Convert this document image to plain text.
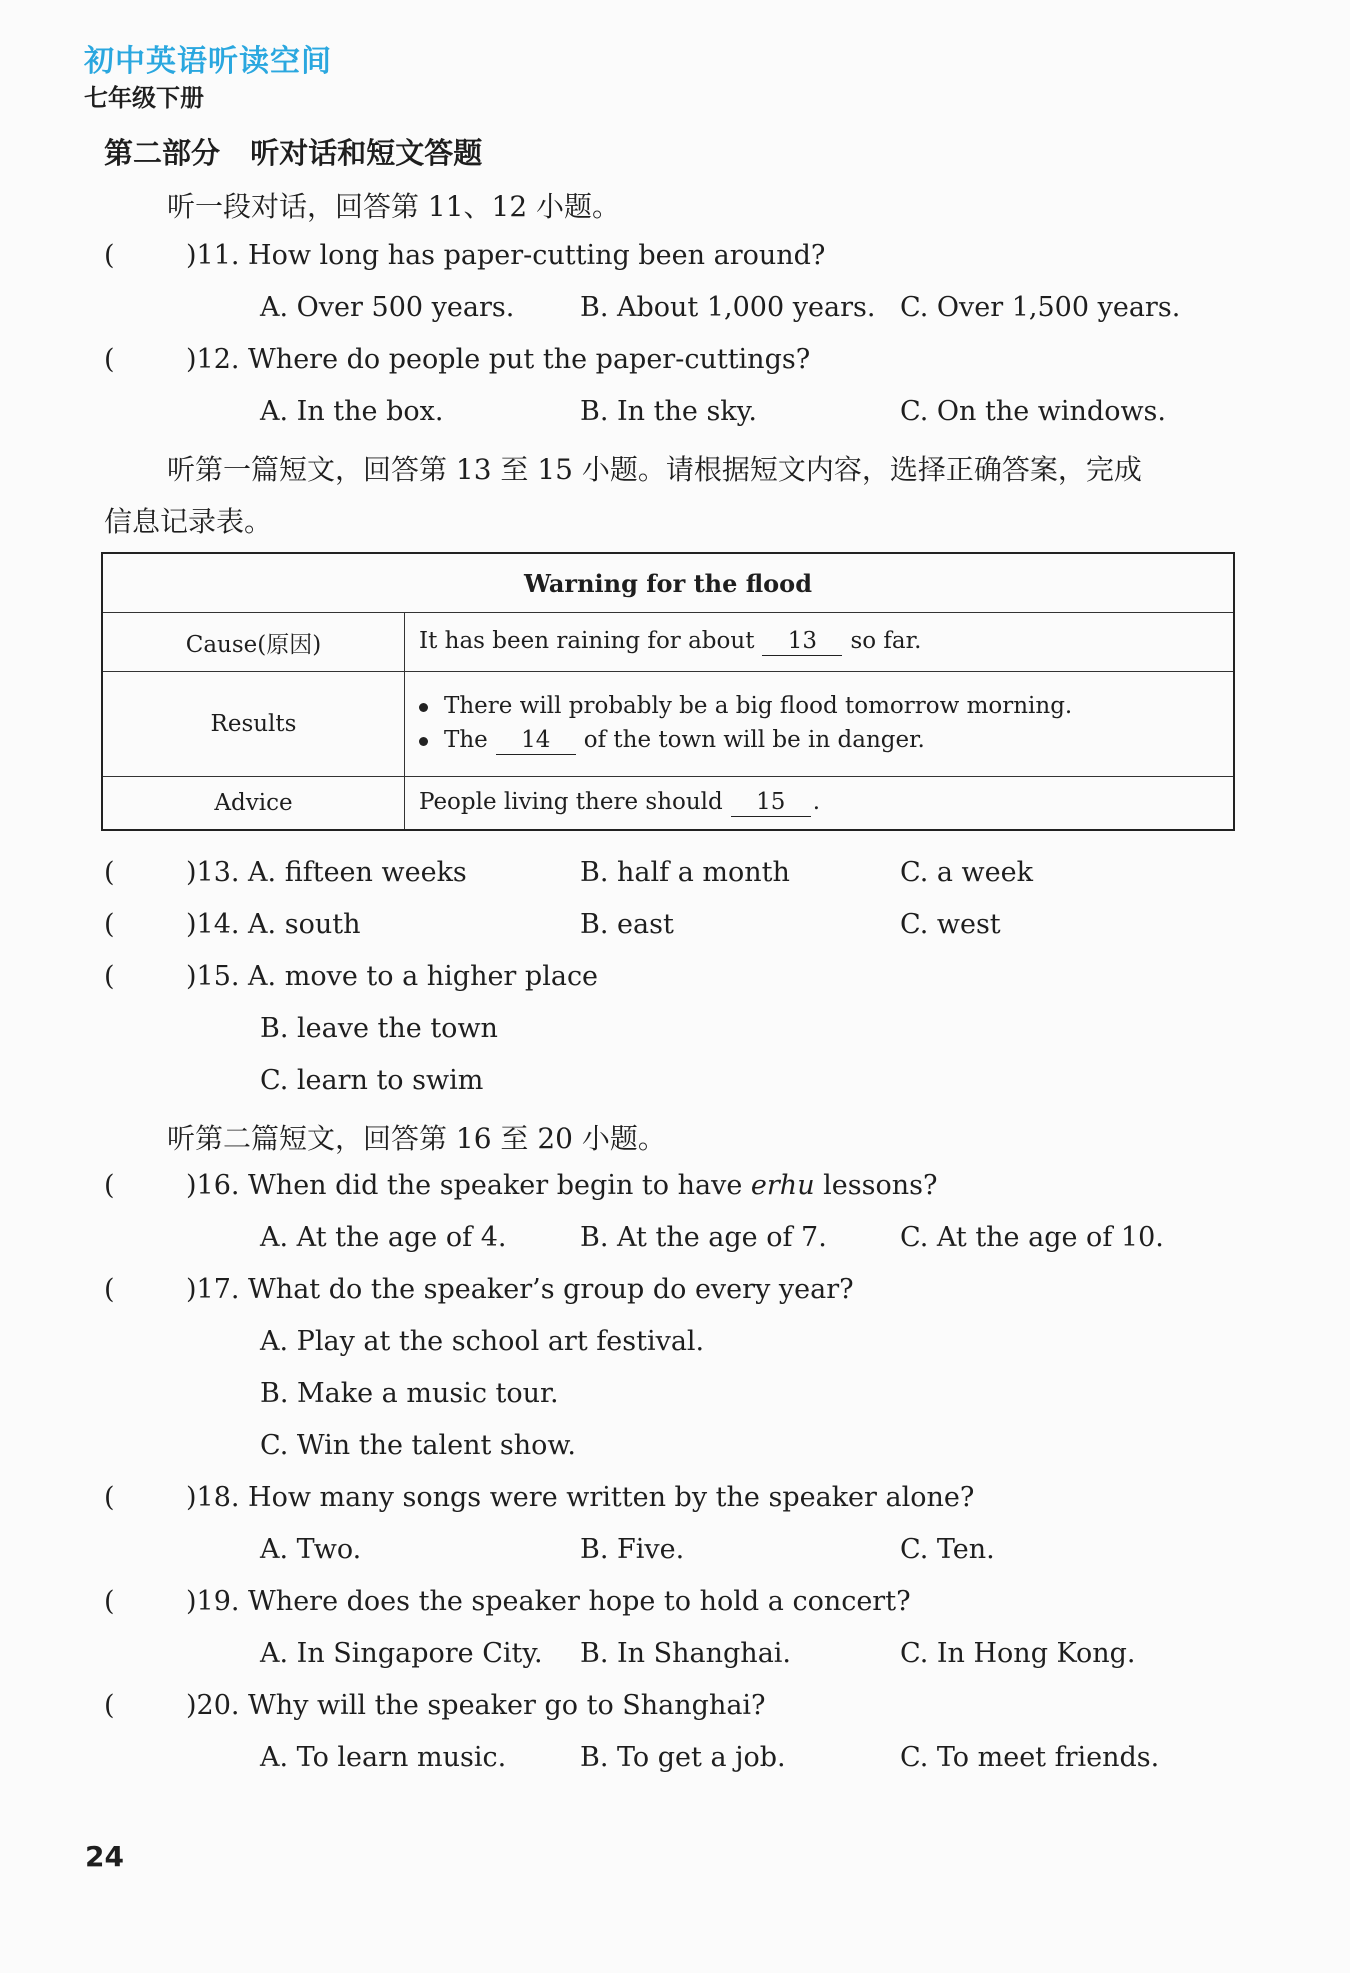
初中英语听读空间
七年级下册
第二部分   听对话和短文答题
听一段对话，回答第 11、12 小题。
(	)11. How long has paper-cutting been around?
A. Over 500 years. B. About 1,000 years. C. Over 1,500 years.
(	)12. Where do people put the paper-cuttings?
A. In the box.	B. In the sky.	C. On the windows.
听第一篇短文，回答第 13 至 15 小题。请根据短文内容，选择正确答案，完成
信息记录表。
Warning for the flood	
Cause(原因)	It has been raining for about 13 so far.
Results	There will probably be a big flood tomorrow morning.
The 14 of the town will be in danger.

Advice	People living there should 15 .
(	)13. A. fifteen weeks	B. half a month	C. a week
(	)14. A. south	B. east	C. west
(	)15. A. move to a higher place
B. leave the town
C. learn to swim
听第二篇短文，回答第 16 至 20 小题。
(	)16. When did the speaker begin to have erhu lessons?
A. At the age of 4.	B. At the age of 7.	C. At the age of 10.
(	)17. What do the speaker’s group do every year?
A. Play at the school art festival.
B. Make a music tour.
C. Win the talent show.
(	)18. How many songs were written by the speaker alone?
A. Two.	B. Five.	C. Ten.
(	)19. Where does the speaker hope to hold a concert?
A. In Singapore City. B. In Shanghai.	C. In Hong Kong.
(	)20. Why will the speaker go to Shanghai?
A. To learn music.	B. To get a job.	C. To meet friends.
24
